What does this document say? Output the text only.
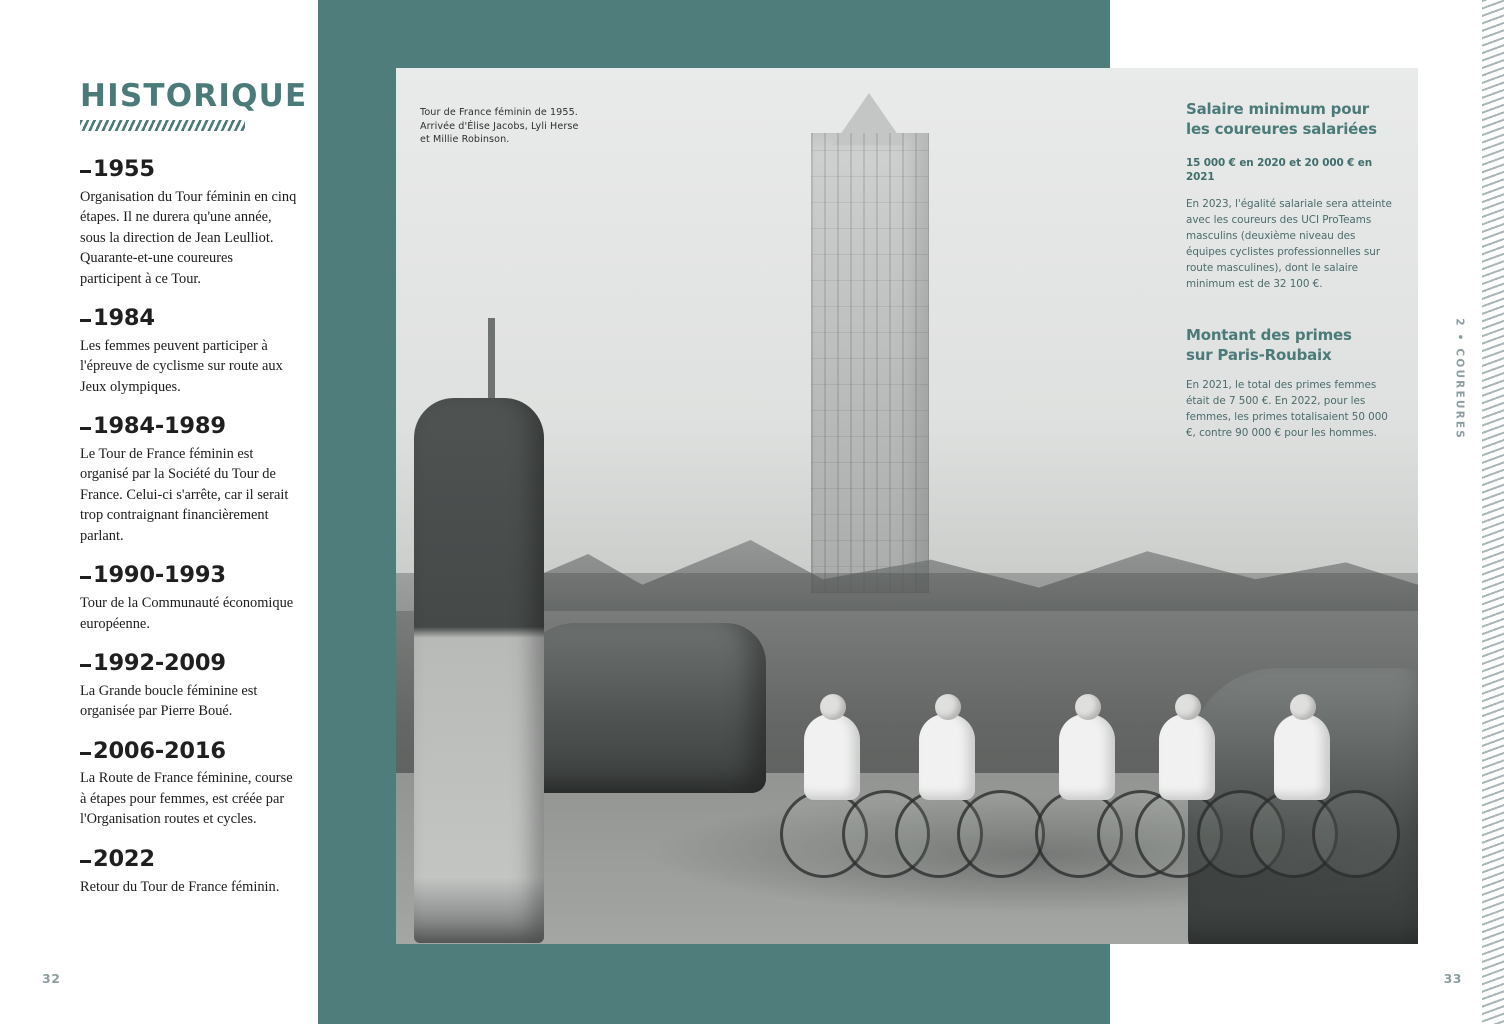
HISTORIQUE
1955
Organisation du Tour féminin en cinq étapes. Il ne durera qu'une année, sous la direction de Jean Leulliot. Quarante-et-une coureures participent à ce Tour.
1984
Les femmes peuvent participer à l'épreuve de cyclisme sur route aux Jeux olympiques.
1984-1989
Le Tour de France féminin est organisé par la Société du Tour de France. Celui-ci s'arrête, car il serait trop contraignant financièrement parlant.
1990-1993
Tour de la Communauté économique européenne.
1992-2009
La Grande boucle féminine est organisée par Pierre Boué.
2006-2016
La Route de France féminine, course à étapes pour femmes, est créée par l'Organisation routes et cycles.
2022
Retour du Tour de France féminin.
32
Tour de France féminin de 1955.
Arrivée d'Élise Jacobs, Lyli Herse
et Millie Robinson.
Salaire minimum pour
les coureures salariées
15 000 € en 2020 et 20 000 € en 2021
En 2023, l'égalité salariale sera atteinte avec les coureurs des UCI ProTeams masculins (deuxième niveau des équipes cyclistes professionnelles sur route masculines), dont le salaire minimum est de 32 100 €.
Montant des primes
sur Paris-Roubaix
En 2021, le total des primes femmes était de 7 500 €. En 2022, pour les femmes, les primes totalisaient 50 000 €, contre 90 000 € pour les hommes.	2 • COUREURES
33
